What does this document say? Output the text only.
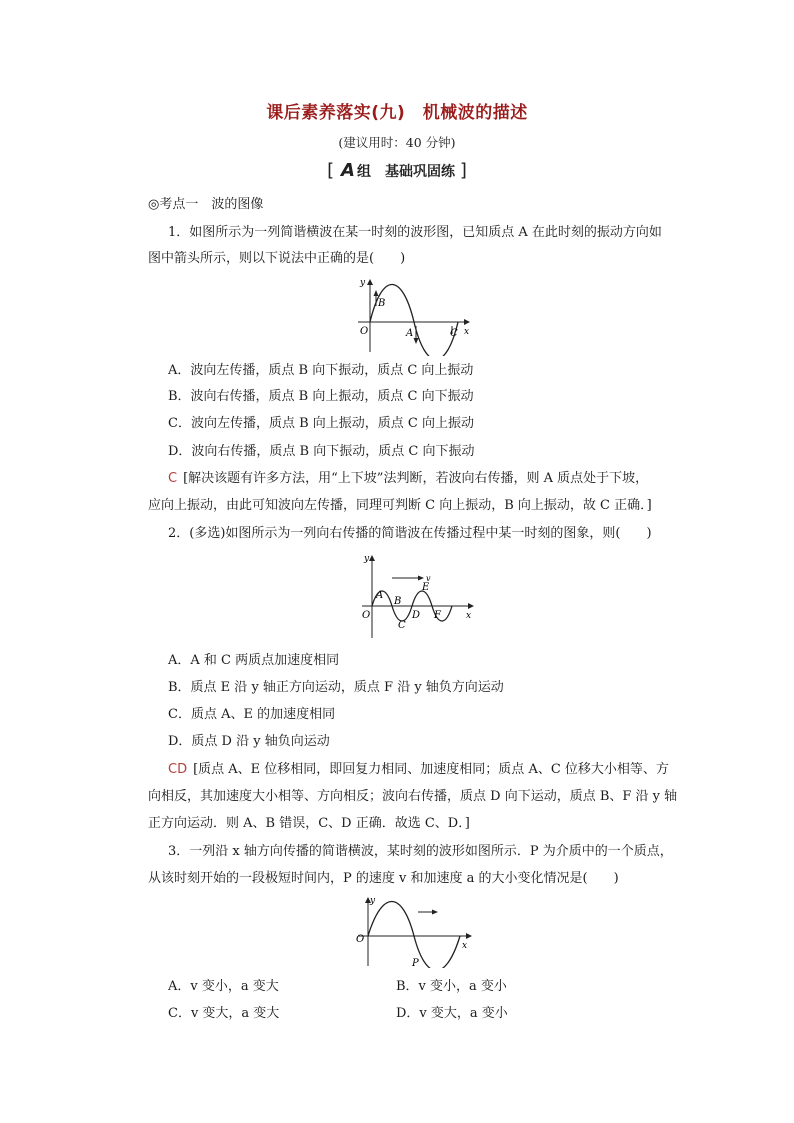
课后素养落实(九)　机械波的描述
(建议用时：40 分钟)
[ A 组　基础巩固练 ]
◎考点一　波的图像
1．如图所示为一列简谐横波在某一时刻的波形图，已知质点 A 在此时刻的振动方向如
图中箭头所示，则以下说法中正确的是(　　)
y
x
O
B
A	C
A．波向左传播，质点 B 向下振动，质点 C 向上振动
B．波向右传播，质点 B 向上振动，质点 C 向下振动
C．波向左传播，质点 B 向上振动，质点 C 向上振动
D．波向右传播，质点 B 向下振动，质点 C 向下振动
C [解决该题有许多方法，用“上下坡”法判断，若波向右传播，则 A 质点处于下坡，
应向上振动，由此可知波向左传播，同理可判断 C 向上振动，B 向上振动，故 C 正确．]
2．(多选)如图所示为一列向右传播的简谐波在传播过程中某一时刻的图象，则(　　)
y
x
O
v
A
B
C
D
E
F
A．A 和 C 两质点加速度相同
B．质点 E 沿 y 轴正方向运动，质点 F 沿 y 轴负方向运动
C．质点 A、E 的加速度相同
D．质点 D 沿 y 轴负向运动
CD [质点 A、E 位移相同，即回复力相同、加速度相同；质点 A、C 位移大小相等、方
向相反，其加速度大小相等、方向相反；波向右传播，质点 D 向下运动，质点 B、F 沿 y 轴
正方向运动．则 A、B 错误，C、D 正确．故选 C、D．]
3．一列沿 x 轴方向传播的简谐横波，某时刻的波形如图所示．P 为介质中的一个质点，
从该时刻开始的一段极短时间内，P 的速度 v 和加速度 a 的大小变化情况是(　　)
y
x
O
P
A．v 变小，a 变大	B．v 变小，a 变小
C．v 变大，a 变大	D．v 变大，a 变小
